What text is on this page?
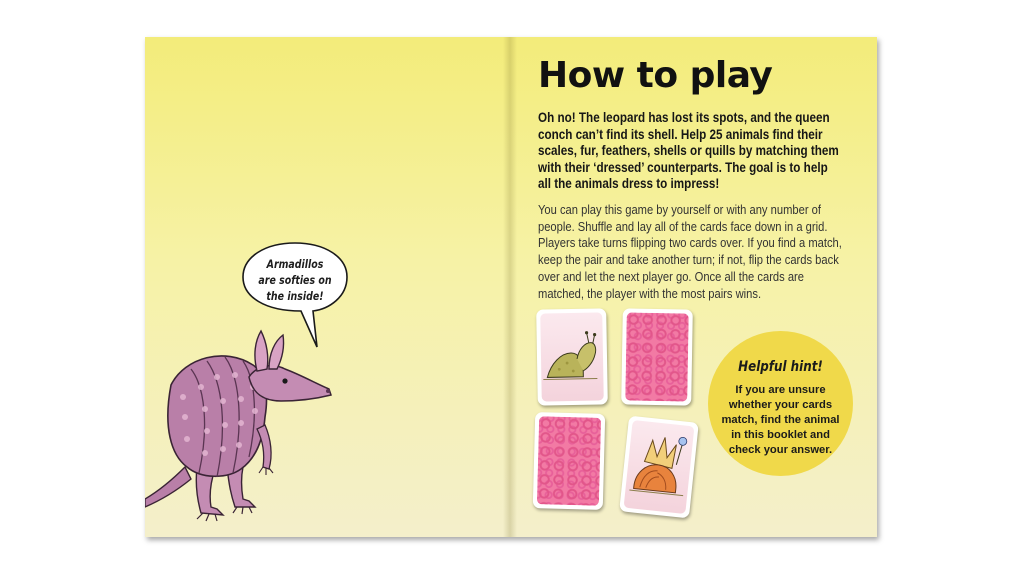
Armadillos are softies on the inside!
How to play
Oh no! The leopard has lost its spots, and the queen conch can’t find its shell. Help 25 animals find their scales, fur, feathers, shells or quills by matching them with their ‘dressed’ counterparts. The goal is to help all the animals dress to impress!
You can play this game by yourself or with any number of people. Shuffle and lay all of the cards face down in a grid. Players take turns flipping two cards over. If you find a match, keep the pair and take another turn; if not, flip the cards back over and let the next player go. Once all the cards are matched, the player with the most pairs wins.
Helpful hint!
If you are unsure whether your cards match, find the animal in this booklet and check your answer.
